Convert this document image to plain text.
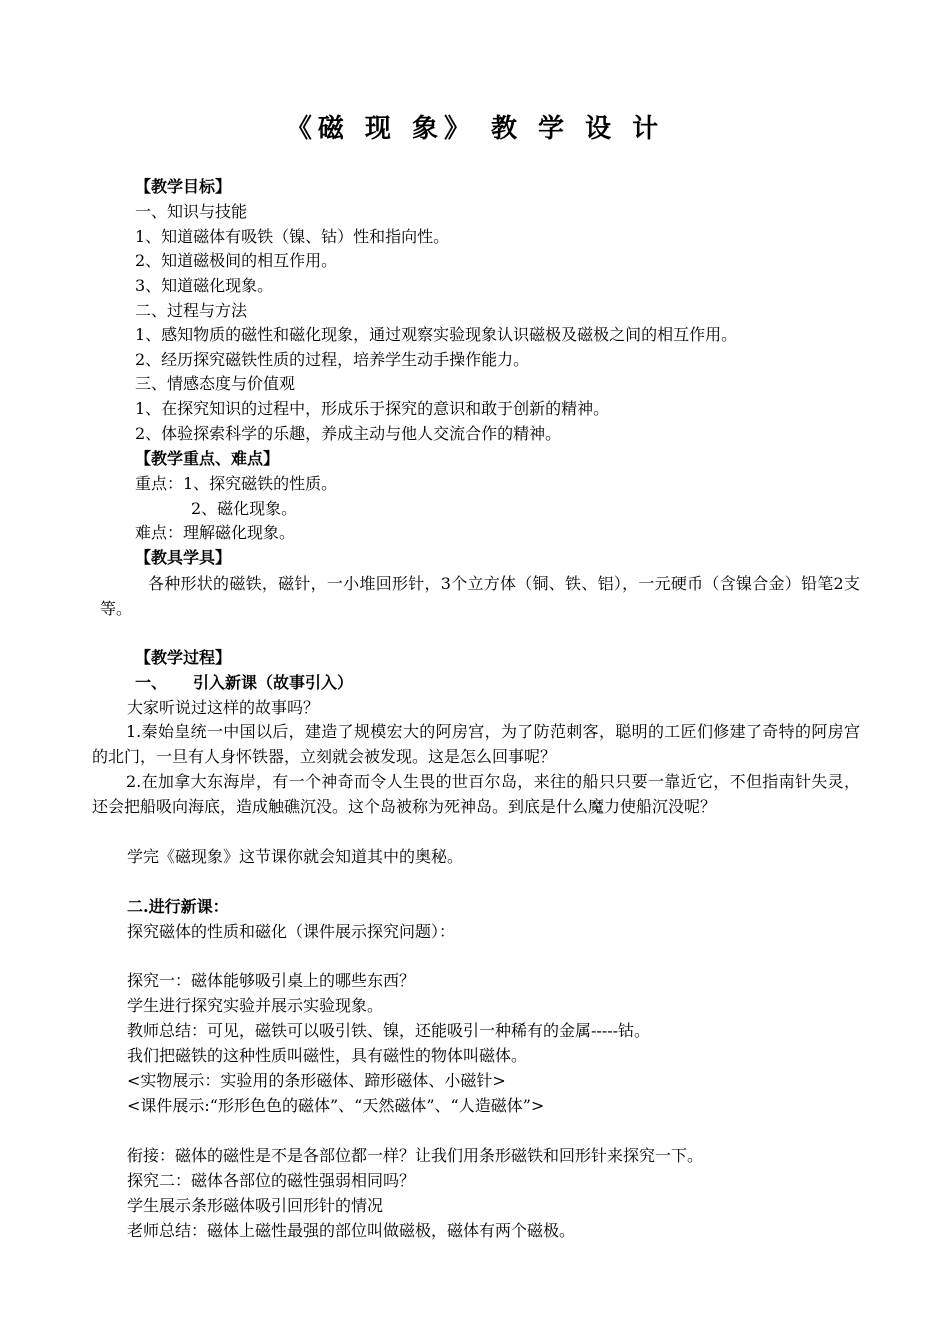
《磁 现 象》 教 学 设 计
【教学目标】
一、知识与技能
1、知道磁体有吸铁（镍、钴）性和指向性。
2、知道磁极间的相互作用。
3、知道磁化现象。
二、过程与方法
1、感知物质的磁性和磁化现象，通过观察实验现象认识磁极及磁极之间的相互作用。
2、经历探究磁铁性质的过程，培养学生动手操作能力。
三、情感态度与价值观
1、在探究知识的过程中，形成乐于探究的意识和敢于创新的精神。
2、体验探索科学的乐趣，养成主动与他人交流合作的精神。
【教学重点、难点】
重点：1、探究磁铁的性质。
2、磁化现象。
难点：理解磁化现象。
【教具学具】
各种形状的磁铁，磁针，一小堆回形针，3个立方体（铜、铁、铝），一元硬币（含镍合金）铅笔2支等。
【教学过程】
一、 引入新课（故事引入）
大家听说过这样的故事吗？
1.秦始皇统一中国以后，建造了规模宏大的阿房宫，为了防范刺客，聪明的工匠们修建了奇特的阿房宫的北门，一旦有人身怀铁器，立刻就会被发现。这是怎么回事呢？
2.在加拿大东海岸，有一个神奇而令人生畏的世百尔岛，来往的船只只要一靠近它，不但指南针失灵，还会把船吸向海底，造成触礁沉没。这个岛被称为死神岛。到底是什么魔力使船沉没呢？
学完《磁现象》这节课你就会知道其中的奥秘。
二.进行新课：
探究磁体的性质和磁化（课件展示探究问题）：
探究一：磁体能够吸引桌上的哪些东西？
学生进行探究实验并展示实验现象。
教师总结：可见，磁铁可以吸引铁、镍，还能吸引一种稀有的金属-----钴。
我们把磁铁的这种性质叫磁性，具有磁性的物体叫磁体。
<实物展示：实验用的条形磁体、蹄形磁体、小磁针>
<课件展示:“形形色色的磁体”、“天然磁体”、“人造磁体”>
衔接：磁体的磁性是不是各部位都一样？让我们用条形磁铁和回形针来探究一下。
探究二：磁体各部位的磁性强弱相同吗？
学生展示条形磁体吸引回形针的情况
老师总结：磁体上磁性最强的部位叫做磁极，磁体有两个磁极。
